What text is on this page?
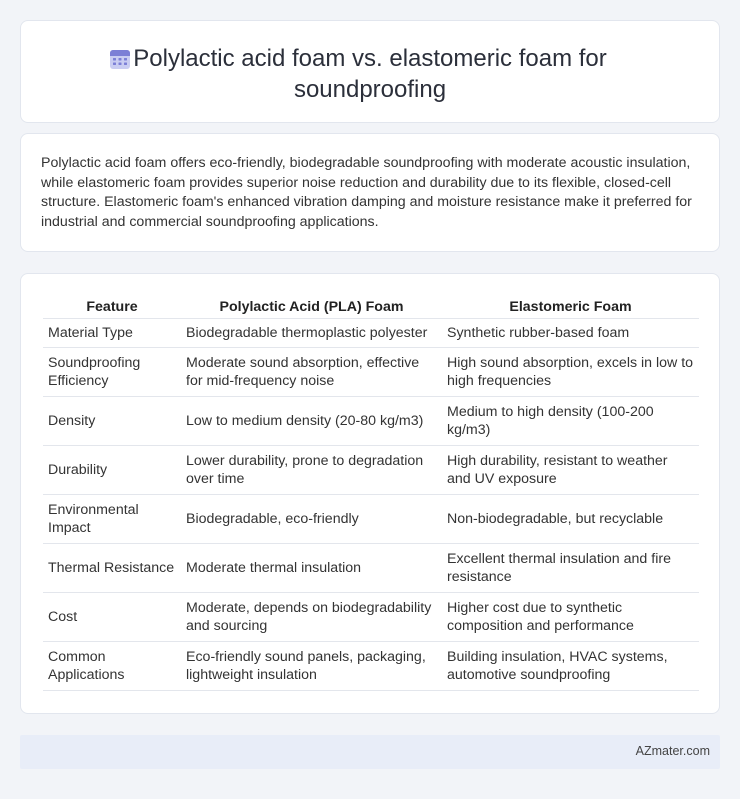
Polylactic acid foam vs. elastomeric foam for soundproofing

Polylactic acid foam offers eco-friendly, biodegradable soundproofing with moderate acoustic insulation, while elastomeric foam provides superior noise reduction and durability due to its flexible, closed-cell structure. Elastomeric foam's enhanced vibration damping and moisture resistance make it preferred for industrial and commercial soundproofing applications.

Feature	Polylactic Acid (PLA) Foam	Elastomeric Foam
Material Type	Biodegradable thermoplastic polyester	Synthetic rubber-based foam
Soundproofing Efficiency	Moderate sound absorption, effective for mid-frequency noise	High sound absorption, excels in low to high frequencies
Density	Low to medium density (20-80 kg/m3)	Medium to high density (100-200 kg/m3)
Durability	Lower durability, prone to degradation over time	High durability, resistant to weather and UV exposure
Environmental Impact	Biodegradable, eco-friendly	Non-biodegradable, but recyclable
Thermal Resistance	Moderate thermal insulation	Excellent thermal insulation and fire resistance
Cost	Moderate, depends on biodegradability and sourcing	Higher cost due to synthetic composition and performance
Common Applications	Eco-friendly sound panels, packaging, lightweight insulation	Building insulation, HVAC systems, automotive soundproofing
AZmater.com
